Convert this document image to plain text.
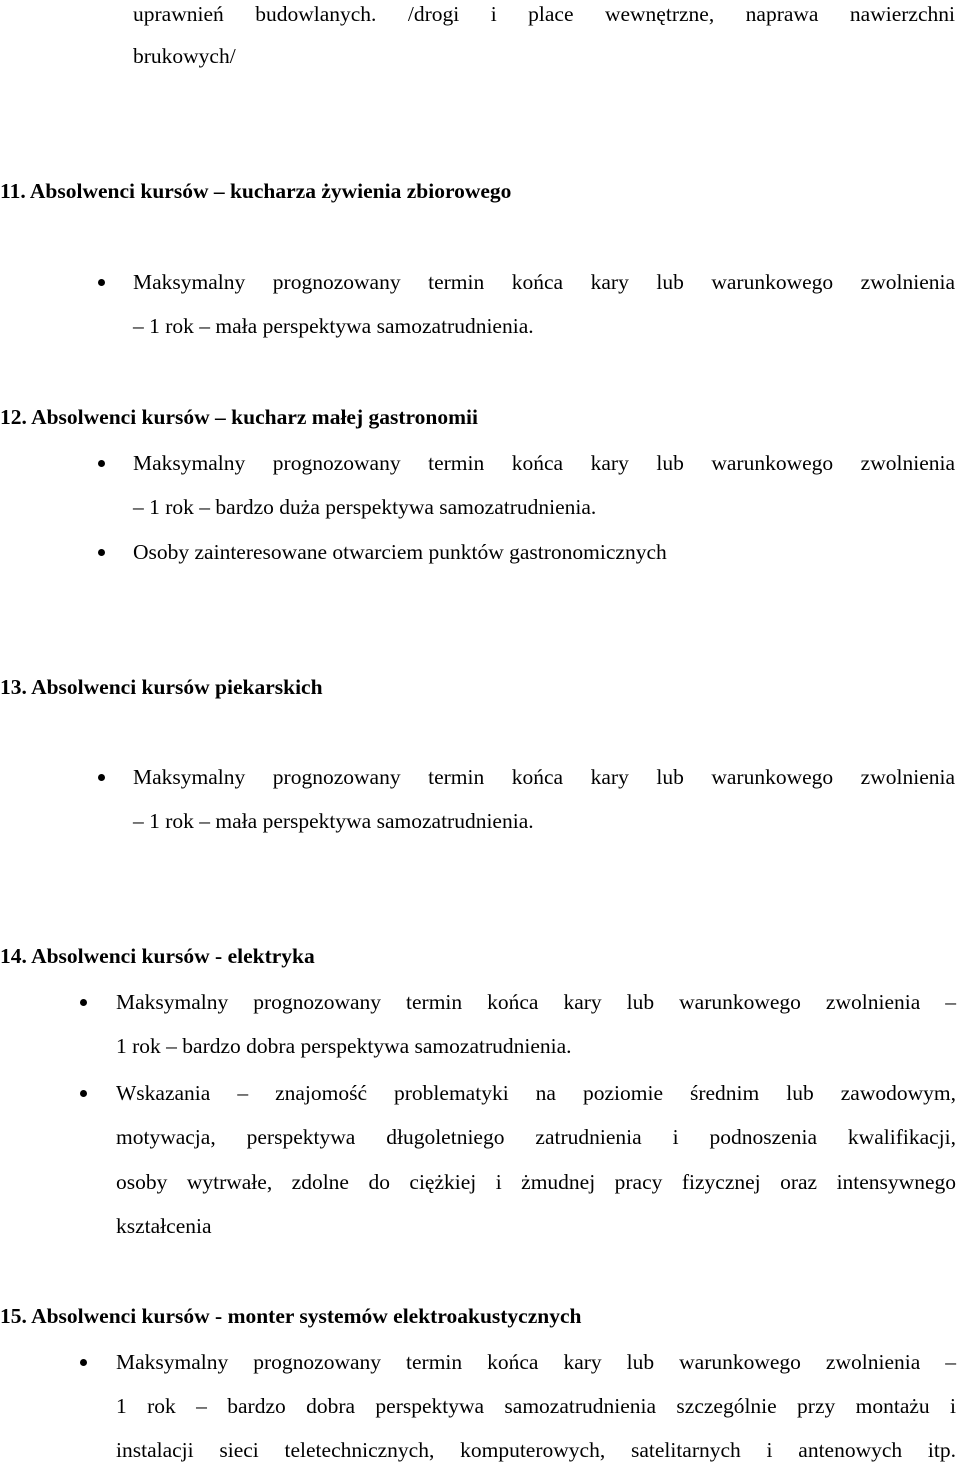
uprawnień budowlanych. /drogi i place wewnętrzne, naprawa nawierzchni
brukowych/
11. Absolwenci kursów – kucharza żywienia zbiorowego
Maksymalny prognozowany termin końca kary lub warunkowego zwolnienia
– 1 rok – mała perspektywa samozatrudnienia.
12. Absolwenci kursów – kucharz małej gastronomii
Maksymalny prognozowany termin końca kary lub warunkowego zwolnienia
– 1 rok – bardzo duża perspektywa samozatrudnienia.
Osoby zainteresowane otwarciem punktów gastronomicznych
13. Absolwenci kursów piekarskich
Maksymalny prognozowany termin końca kary lub warunkowego zwolnienia
– 1 rok – mała perspektywa samozatrudnienia.
14. Absolwenci kursów - elektryka
Maksymalny prognozowany termin końca kary lub warunkowego zwolnienia –
1 rok – bardzo dobra perspektywa samozatrudnienia.
Wskazania – znajomość problematyki na poziomie średnim lub zawodowym,
motywacja, perspektywa długoletniego zatrudnienia i podnoszenia kwalifikacji,
osoby wytrwałe, zdolne do ciężkiej i żmudnej pracy fizycznej oraz intensywnego
kształcenia
15. Absolwenci kursów - monter systemów elektroakustycznych
Maksymalny prognozowany termin końca kary lub warunkowego zwolnienia –
1 rok – bardzo dobra perspektywa samozatrudnienia szczególnie przy montażu i
instalacji sieci teletechnicznych, komputerowych, satelitarnych i antenowych itp.
